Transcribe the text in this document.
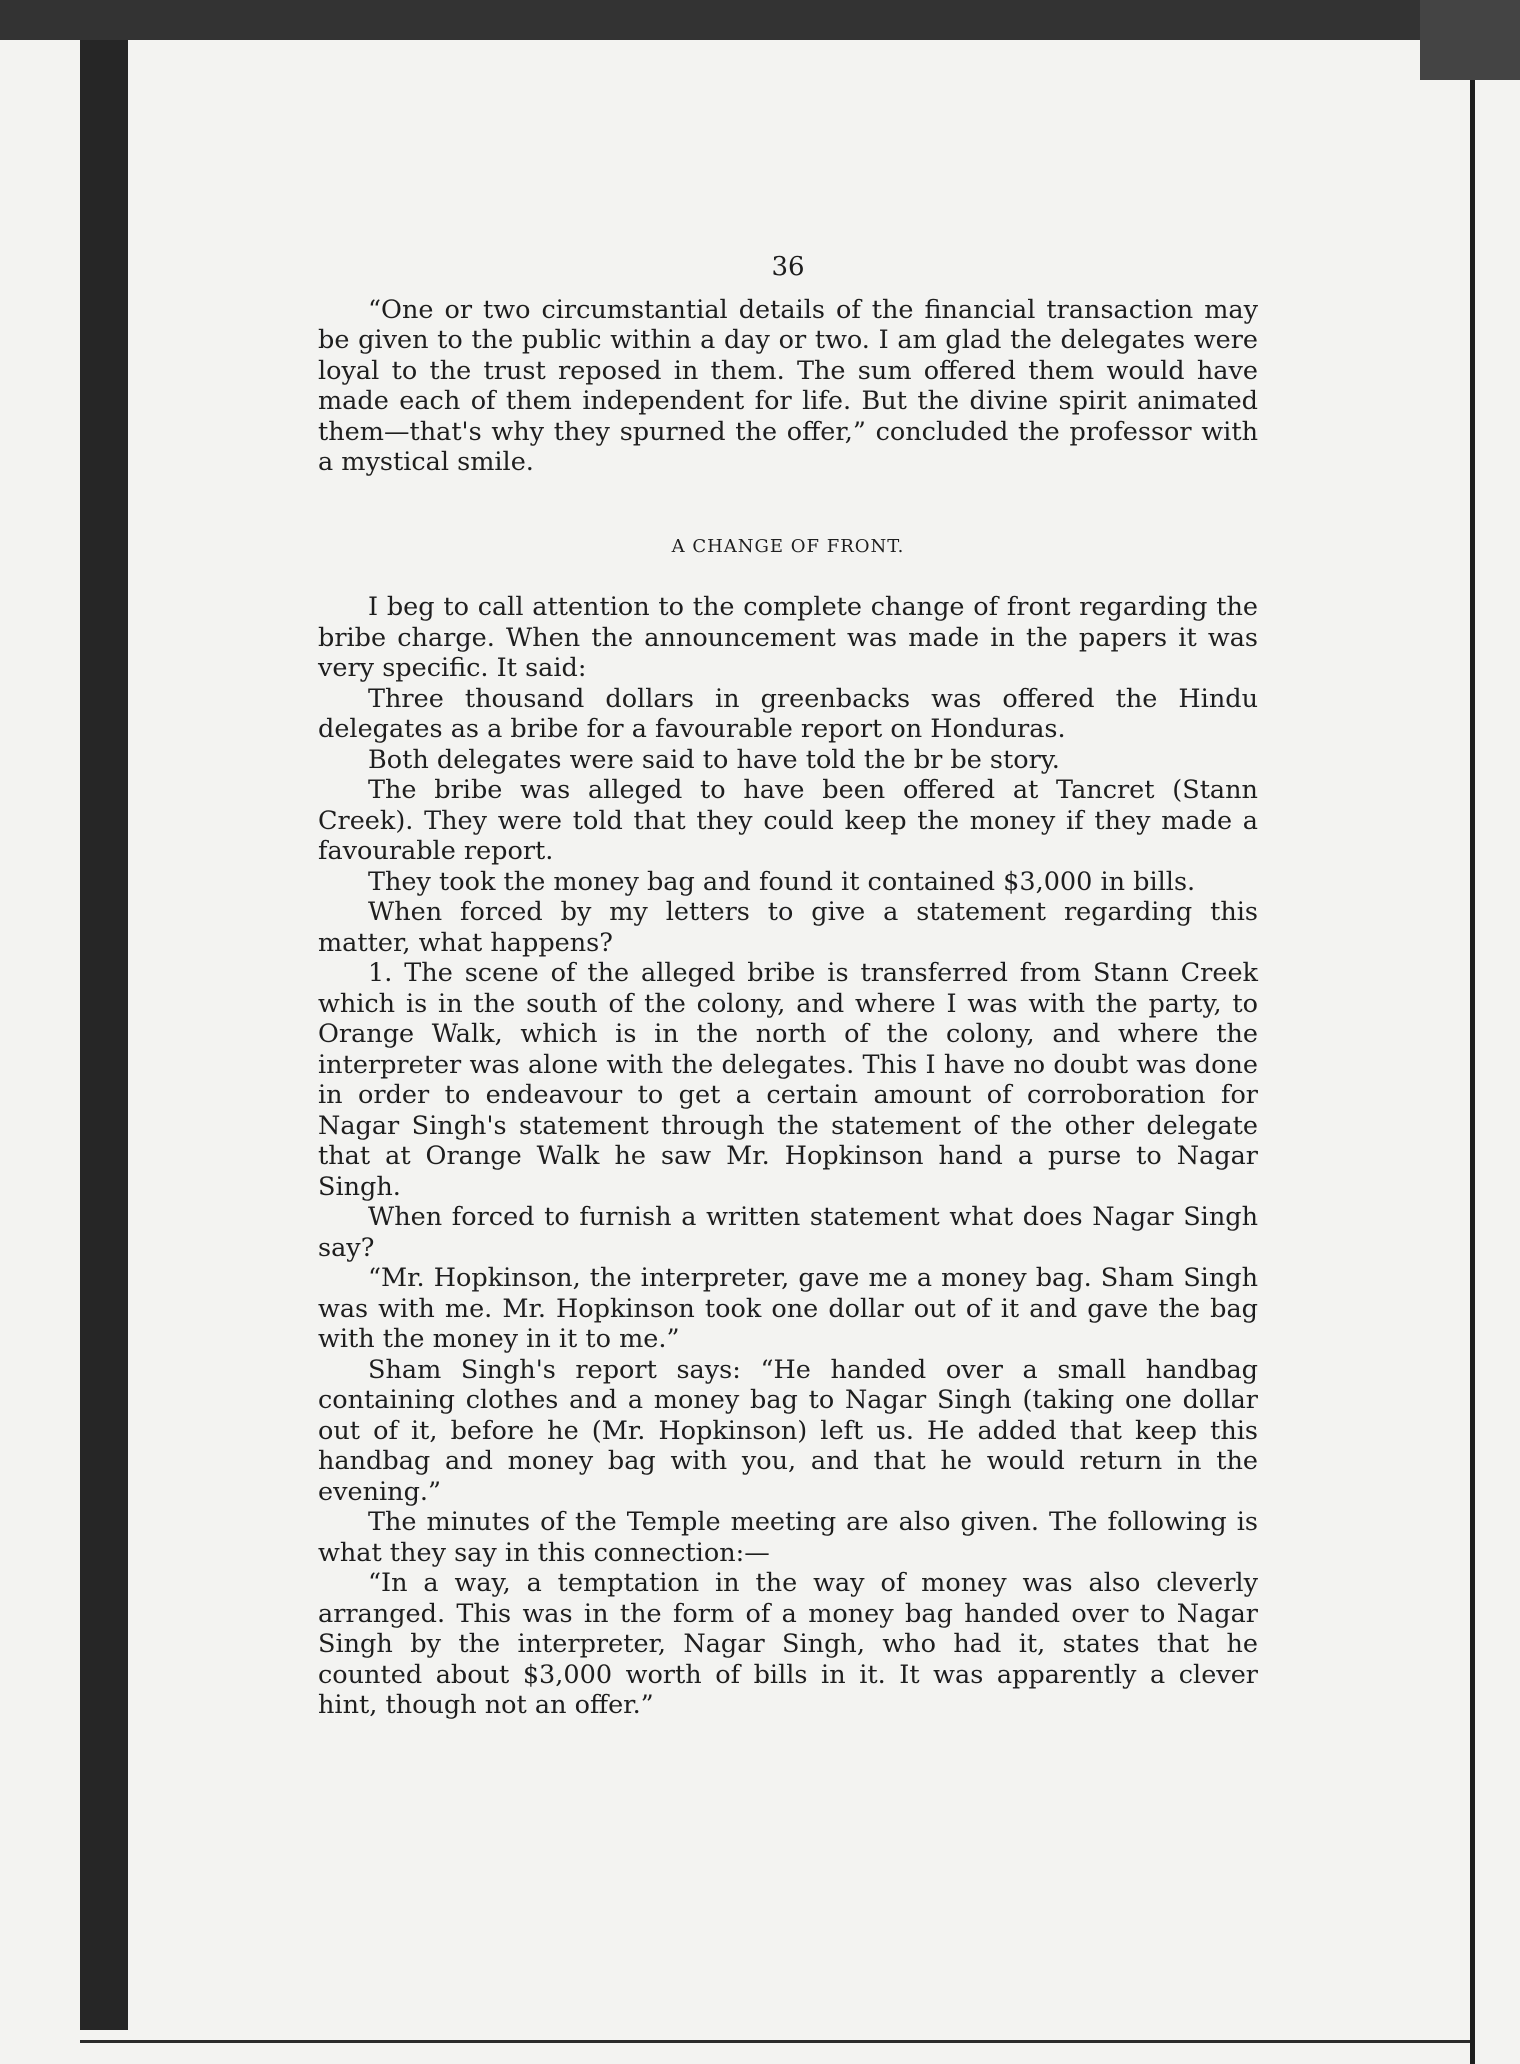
36

“One or two circumstantial details of the financial transaction may be given to the public within a day or two. I am glad the delegates were loyal to the trust reposed in them. The sum offered them would have made each of them independent for life. But the divine spirit animated them—that's why they spurned the offer,” concluded the professor with a mystical smile.

A CHANGE OF FRONT.

I beg to call attention to the complete change of front regarding the bribe charge. When the announcement was made in the papers it was very specific. It said:

Three thousand dollars in greenbacks was offered the Hindu delegates as a bribe for a favourable report on Honduras.

Both delegates were said to have told the br be story.

The bribe was alleged to have been offered at Tancret (Stann Creek). They were told that they could keep the money if they made a favourable report.

They took the money bag and found it contained $3,000 in bills.

When forced by my letters to give a statement regarding this matter, what happens?

1. The scene of the alleged bribe is transferred from Stann Creek which is in the south of the colony, and where I was with the party, to Orange Walk, which is in the north of the colony, and where the interpreter was alone with the delegates. This I have no doubt was done in order to endeavour to get a certain amount of corroboration for Nagar Singh's statement through the statement of the other delegate that at Orange Walk he saw Mr. Hopkinson hand a purse to Nagar Singh.

When forced to furnish a written statement what does Nagar Singh say?

“Mr. Hopkinson, the interpreter, gave me a money bag. Sham Singh was with me. Mr. Hopkinson took one dollar out of it and gave the bag with the money in it to me.”

Sham Singh's report says: “He handed over a small handbag containing clothes and a money bag to Nagar Singh (taking one dollar out of it, before he (Mr. Hopkinson) left us. He added that keep this handbag and money bag with you, and that he would return in the evening.”

The minutes of the Temple meeting are also given. The following is what they say in this connection:—

“In a way, a temptation in the way of money was also cleverly arranged. This was in the form of a money bag handed over to Nagar Singh by the interpreter, Nagar Singh, who had it, states that he counted about $3,000 worth of bills in it. It was apparently a clever hint, though not an offer.”
